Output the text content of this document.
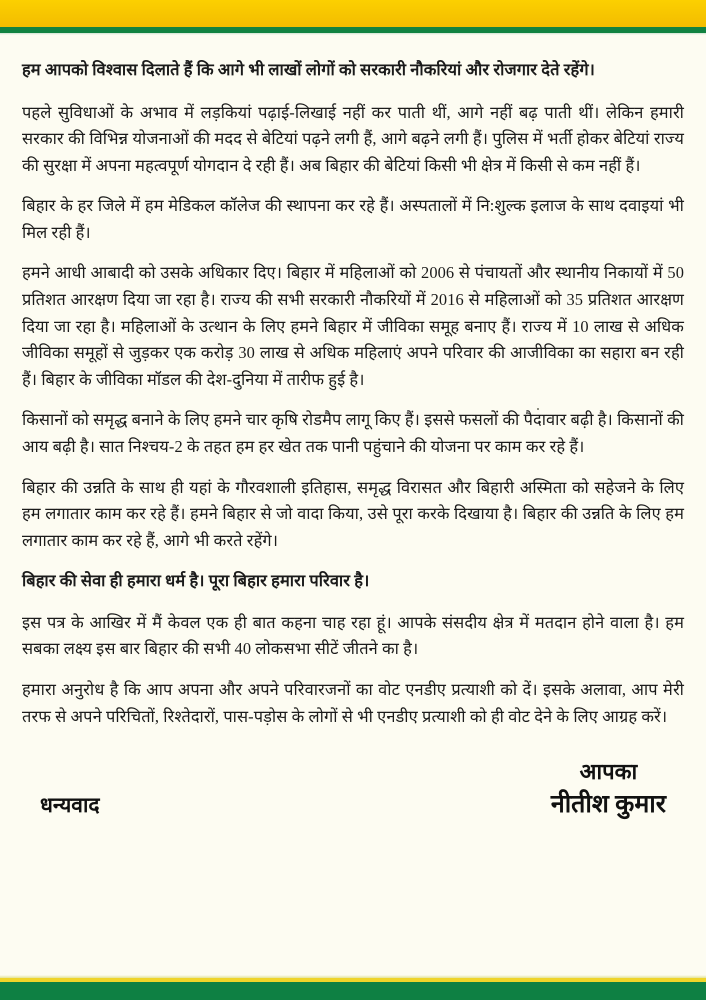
हम आपको विश्वास दिलाते हैं कि आगे भी लाखों लोगों को सरकारी नौकरियां और रोजगार देते रहेंगे।

पहले सुविधाओं के अभाव में लड़कियां पढ़ाई-लिखाई नहीं कर पाती थीं, आगे नहीं बढ़ पाती थीं। लेकिन हमारी सरकार की विभिन्न योजनाओं की मदद से बेटियां पढ़ने लगी हैं, आगे बढ़ने लगी हैं। पुलिस में भर्ती होकर बेटियां राज्य की सुरक्षा में अपना महत्वपूर्ण योगदान दे रही हैं। अब बिहार की बेटियां किसी भी क्षेत्र में किसी से कम नहीं हैं।

बिहार के हर जिले में हम मेडिकल कॉलेज की स्थापना कर रहे हैं। अस्पतालों में नि:शुल्क इलाज के साथ दवाइयां भी मिल रही हैं।

हमने आधी आबादी को उसके अधिकार दिए। बिहार में महिलाओं को 2006 से पंचायतों और स्थानीय निकायों में 50 प्रतिशत आरक्षण दिया जा रहा है। राज्य की सभी सरकारी नौकरियों में 2016 से महिलाओं को 35 प्रतिशत आरक्षण दिया जा रहा है। महिलाओं के उत्थान के लिए हमने बिहार में जीविका समूह बनाए हैं। राज्य में 10 लाख से अधिक जीविका समूहों से जुड़कर एक करोड़ 30 लाख से अधिक महिलाएं अपने परिवार की आजीविका का सहारा बन रही हैं। बिहार के जीविका मॉडल की देश-दुनिया में तारीफ हुई है।

किसानों को समृद्ध बनाने के लिए हमने चार कृषि रोडमैप लागू किए हैं। इससे फसलों की पैदावार बढ़ी है। किसानों की आय बढ़ी है। सात निश्चय-2 के तहत हम हर खेत तक पानी पहुंचाने की योजना पर काम कर रहे हैं।

बिहार की उन्नति के साथ ही यहां के गौरवशाली इतिहास, समृद्ध विरासत और बिहारी अस्मिता को सहेजने के लिए हम लगातार काम कर रहे हैं। हमने बिहार से जो वादा किया, उसे पूरा करके दिखाया है। बिहार की उन्नति के लिए हम लगातार काम कर रहे हैं, आगे भी करते रहेंगे।

बिहार की सेवा ही हमारा धर्म है। पूरा बिहार हमारा परिवार है।

इस पत्र के आखिर में मैं केवल एक ही बात कहना चाह रहा हूं। आपके संसदीय क्षेत्र में मतदान होने वाला है। हम सबका लक्ष्य इस बार बिहार की सभी 40 लोकसभा सीटें जीतने का है।

हमारा अनुरोध है कि आप अपना और अपने परिवारजनों का वोट एनडीए प्रत्याशी को दें। इसके अलावा, आप मेरी तरफ से अपने परिचितों, रिश्तेदारों, पास-पड़ोस के लोगों से भी एनडीए प्रत्याशी को ही वोट देने के लिए आग्रह करें।

धन्यवाद
आपका
नीतीश कुमार
